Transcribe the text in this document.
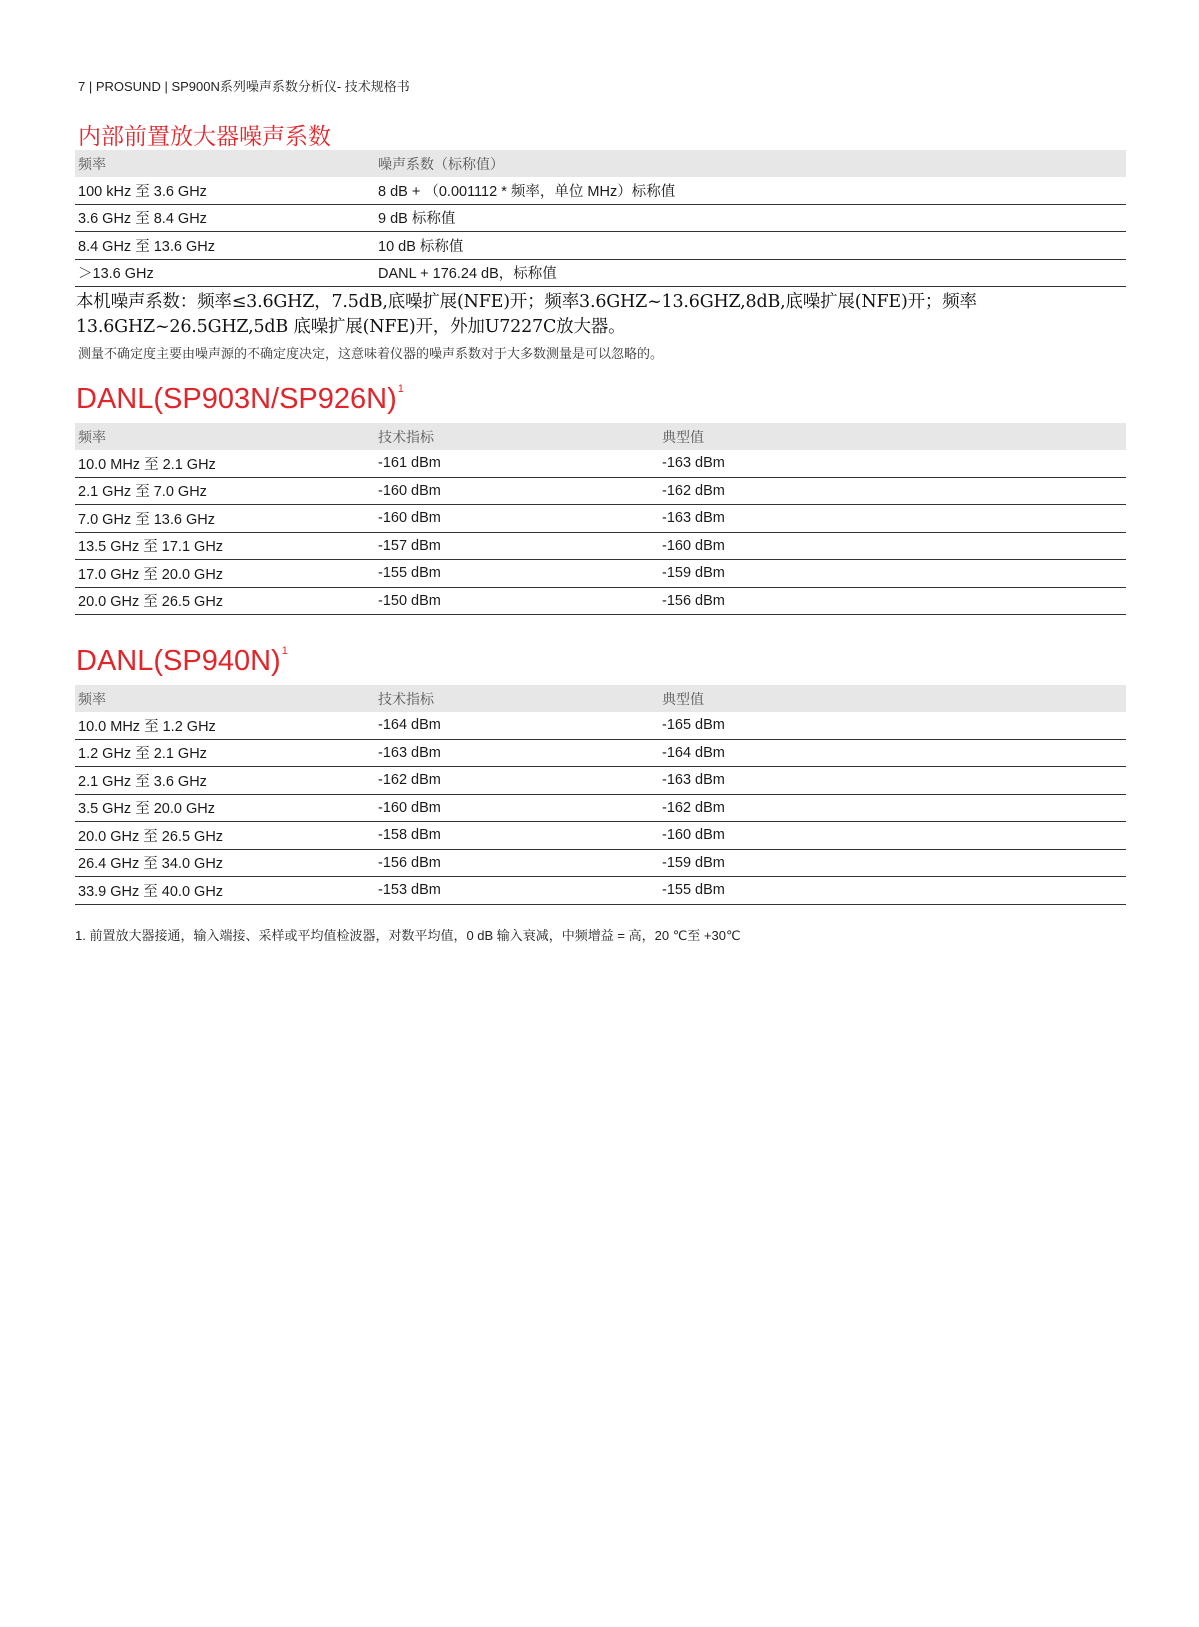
7 | PROSUND | SP900N系列噪声系数分析仪- 技术规格书
内部前置放大器噪声系数
频率	噪声系数（标称值）
100 kHz 至 3.6 GHz	8 dB + （0.001112 * 频率，单位 MHz）标称值
3.6 GHz 至 8.4 GHz	9 dB 标称值
8.4 GHz 至 13.6 GHz	10 dB 标称值
＞13.6 GHz	DANL + 176.24 dB，标称值
本机噪声系数：频率≤3.6GHZ，7.5dB,底噪扩展(NFE)开；频率3.6GHZ~13.6GHZ,8dB,底噪扩展(NFE)开；频率
13.6GHZ~26.5GHZ,5dB 底噪扩展(NFE)开，外加U7227C放大器。
测量不确定度主要由噪声源的不确定度决定，这意味着仪器的噪声系数对于大多数测量是可以忽略的。
$DANL(SP903N/SP926N)^1$
频率	技术指标	典型值
10.0 MHz 至 2.1 GHz	-161 dBm	-163 dBm
2.1 GHz 至 7.0 GHz	-160 dBm	-162 dBm
7.0 GHz 至 13.6 GHz	-160 dBm	-163 dBm
13.5 GHz 至 17.1 GHz	-157 dBm	-160 dBm
17.0 GHz 至 20.0 GHz	-155 dBm	-159 dBm
20.0 GHz 至 26.5 GHz	-150 dBm	-156 dBm
$DANL(SP940N)^1$
频率	技术指标	典型值
10.0 MHz 至 1.2 GHz	-164 dBm	-165 dBm
1.2 GHz 至 2.1 GHz	-163 dBm	-164 dBm
2.1 GHz 至 3.6 GHz	-162 dBm	-163 dBm
3.5 GHz 至 20.0 GHz	-160 dBm	-162 dBm
20.0 GHz 至 26.5 GHz	-158 dBm	-160 dBm
26.4 GHz 至 34.0 GHz	-156 dBm	-159 dBm
33.9 GHz 至 40.0 GHz	-153 dBm	-155 dBm
1. 前置放大器接通，输入端接、采样或平均值检波器，对数平均值，0 dB 输入衰减，中频增益 = 高，20 ℃至 +30℃
